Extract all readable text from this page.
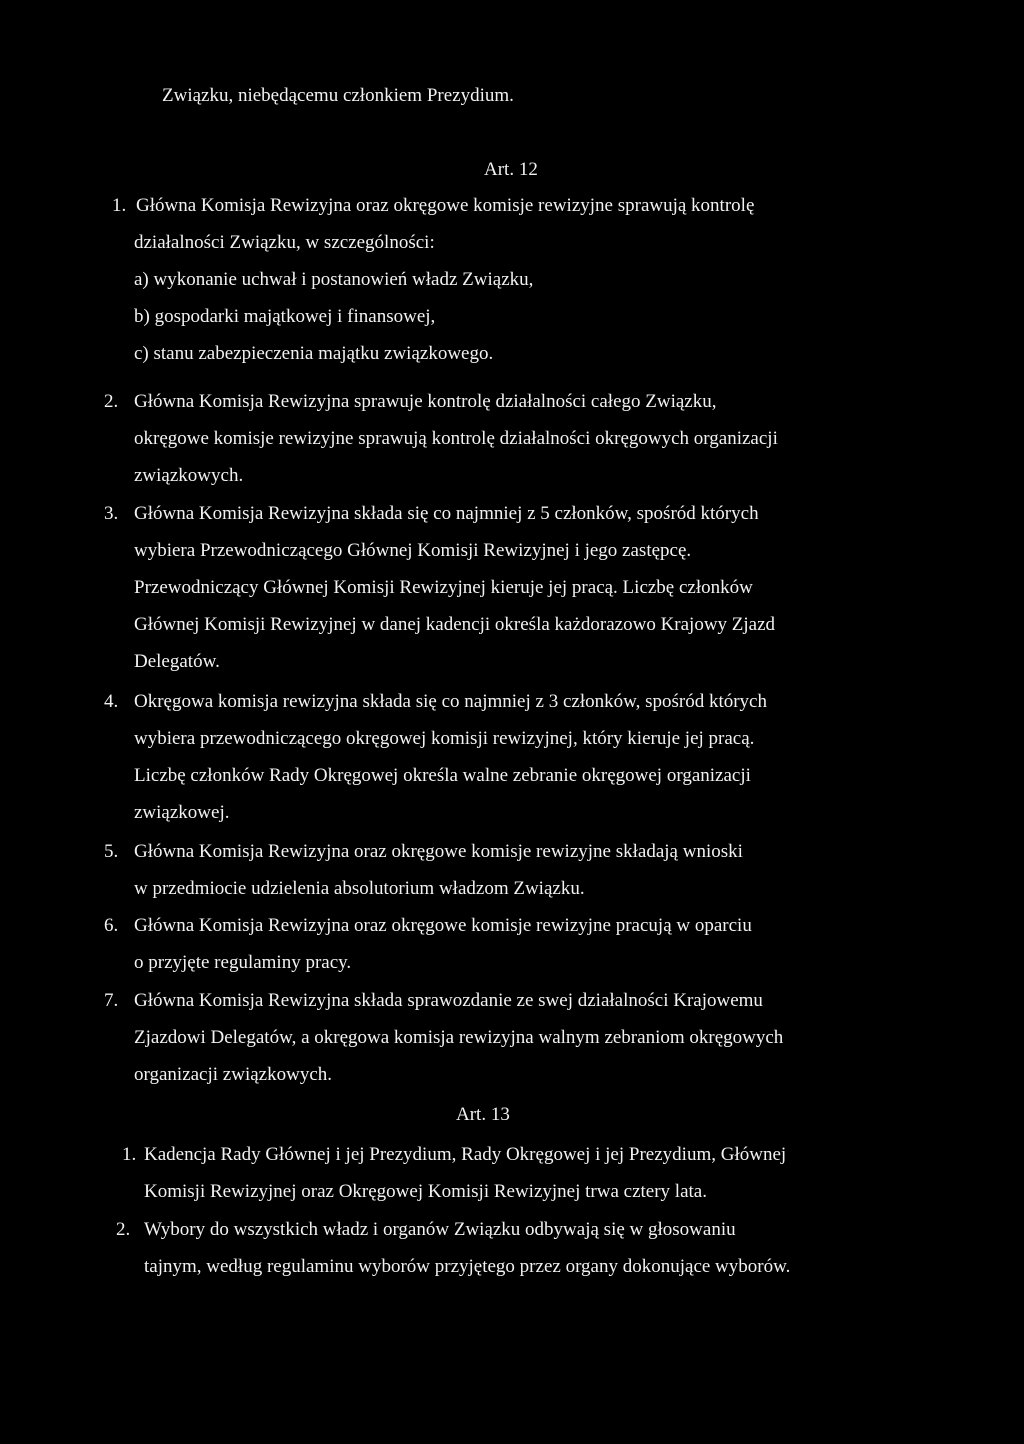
Związku, niebędącemu członkiem Prezydium.
Art. 12
1. Główna Komisja Rewizyjna oraz okręgowe komisje rewizyjne sprawują kontrolę
działalności Związku, w szczególności:
a) wykonanie uchwał i postanowień władz Związku,
b) gospodarki majątkowej i finansowej,
c) stanu zabezpieczenia majątku związkowego.
2. Główna Komisja Rewizyjna sprawuje kontrolę działalności całego Związku,
okręgowe komisje rewizyjne sprawują kontrolę działalności okręgowych organizacji
związkowych.
3. Główna Komisja Rewizyjna składa się co najmniej z 5 członków, spośród których
wybiera Przewodniczącego Głównej Komisji Rewizyjnej i jego zastępcę.
Przewodniczący Głównej Komisji Rewizyjnej kieruje jej pracą. Liczbę członków
Głównej Komisji Rewizyjnej w danej kadencji określa każdorazowo Krajowy Zjazd
Delegatów.
4. Okręgowa komisja rewizyjna składa się co najmniej z 3 członków, spośród których
wybiera przewodniczącego okręgowej komisji rewizyjnej, który kieruje jej pracą.
Liczbę członków Rady Okręgowej określa walne zebranie okręgowej organizacji
związkowej.
5. Główna Komisja Rewizyjna oraz okręgowe komisje rewizyjne składają wnioski
w przedmiocie udzielenia absolutorium władzom Związku.
6. Główna Komisja Rewizyjna oraz okręgowe komisje rewizyjne pracują w oparciu
o przyjęte regulaminy pracy.
7. Główna Komisja Rewizyjna składa sprawozdanie ze swej działalności Krajowemu
Zjazdowi Delegatów, a okręgowa komisja rewizyjna walnym zebraniom okręgowych
organizacji związkowych.
Art. 13
1. Kadencja Rady Głównej i jej Prezydium, Rady Okręgowej i jej Prezydium, Głównej
Komisji Rewizyjnej oraz Okręgowej Komisji Rewizyjnej trwa cztery lata.
2. Wybory do wszystkich władz i organów Związku odbywają się w głosowaniu
tajnym, według regulaminu wyborów przyjętego przez organy dokonujące wyborów.
